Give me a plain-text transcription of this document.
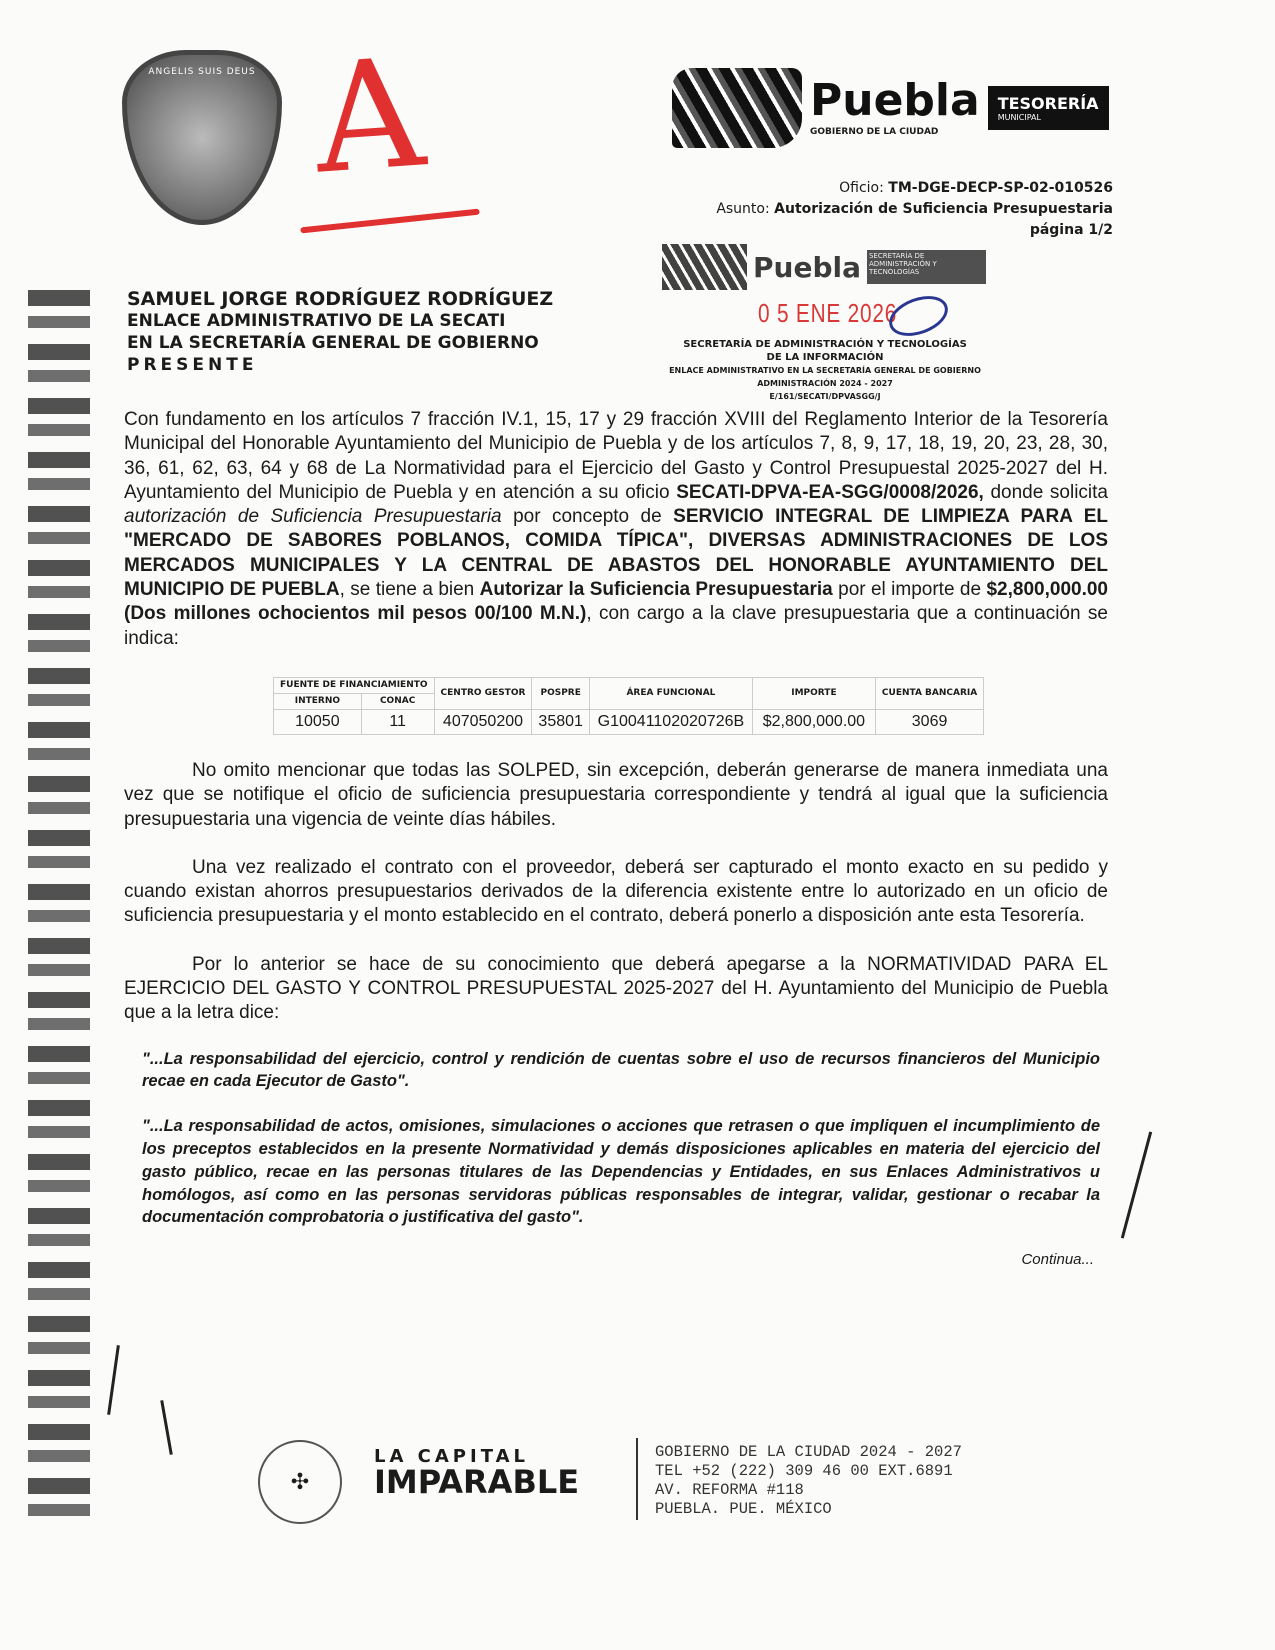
ANGELIS SUIS DEUS A	Puebla
GOBIERNO DE LA CIUDAD
TESORERÍA
MUNICIPAL
Oficio: TM-DGE-DECP-SP-02-010526
Asunto: Autorización de Suficiencia Presupuestaria
página 1/2
Puebla SECRETARÍA DE ADMINISTRACIÓN Y TECNOLOGÍAS
0 5 ENE 2026
SECRETARÍA DE ADMINISTRACIÓN Y TECNOLOGÍAS
DE LA INFORMACIÓN
ENLACE ADMINISTRATIVO EN LA SECRETARÍA GENERAL DE GOBIERNO
ADMINISTRACIÓN 2024 - 2027
E/161/SECATI/DPVASGG/J
SAMUEL JORGE RODRÍGUEZ RODRÍGUEZ
ENLACE ADMINISTRATIVO DE LA SECATI
EN LA SECRETARÍA GENERAL DE GOBIERNO
PRESENTE

Con fundamento en los artículos 7 fracción IV.1, 15, 17 y 29 fracción XVIII del Reglamento Interior de la Tesorería Municipal del Honorable Ayuntamiento del Municipio de Puebla y de los artículos 7, 8, 9, 17, 18, 19, 20, 23, 28, 30, 36, 61, 62, 63, 64 y 68 de La Normatividad para el Ejercicio del Gasto y Control Presupuestal 2025-2027 del H. Ayuntamiento del Municipio de Puebla y en atención a su oficio SECATI-DPVA-EA-SGG/0008/2026, donde solicita autorización de Suficiencia Presupuestaria por concepto de SERVICIO INTEGRAL DE LIMPIEZA PARA EL "MERCADO DE SABORES POBLANOS, COMIDA TÍPICA", DIVERSAS ADMINISTRACIONES DE LOS MERCADOS MUNICIPALES Y LA CENTRAL DE ABASTOS DEL HONORABLE AYUNTAMIENTO DEL MUNICIPIO DE PUEBLA, se tiene a bien Autorizar la Suficiencia Presupuestaria por el importe de $2,800,000.00 (Dos millones ochocientos mil pesos 00/100 M.N.), con cargo a la clave presupuestaria que a continuación se indica:

FUENTE DE FINANCIAMIENTO		CENTRO GESTOR	POSPRE	ÁREA FUNCIONAL	IMPORTE	CUENTA BANCARIA
INTERNO	CONAC					
10050	11	407050200	35801	G10041102020726B	$2,800,000.00	3069

No omito mencionar que todas las SOLPED, sin excepción, deberán generarse de manera inmediata una vez que se notifique el oficio de suficiencia presupuestaria correspondiente y tendrá al igual que la suficiencia presupuestaria una vigencia de veinte días hábiles.

Una vez realizado el contrato con el proveedor, deberá ser capturado el monto exacto en su pedido y cuando existan ahorros presupuestarios derivados de la diferencia existente entre lo autorizado en un oficio de suficiencia presupuestaria y el monto establecido en el contrato, deberá ponerlo a disposición ante esta Tesorería.

Por lo anterior se hace de su conocimiento que deberá apegarse a la NORMATIVIDAD PARA EL EJERCICIO DEL GASTO Y CONTROL PRESUPUESTAL 2025-2027 del H. Ayuntamiento del Municipio de Puebla que a la letra dice:

"...La responsabilidad del ejercicio, control y rendición de cuentas sobre el uso de recursos financieros del Municipio recae en cada Ejecutor de Gasto".

"...La responsabilidad de actos, omisiones, simulaciones o acciones que retrasen o que impliquen el incumplimiento de los preceptos establecidos en la presente Normatividad y demás disposiciones aplicables en materia del ejercicio del gasto público, recae en las personas titulares de las Dependencias y Entidades, en sus Enlaces Administrativos u homólogos, así como en las personas servidoras públicas responsables de integrar, validar, gestionar o recabar la documentación comprobatoria o justificativa del gasto".

Continua...
✣
LA CAPITAL
IMPARABLE
GOBIERNO DE LA CIUDAD 2024 - 2027
TEL +52 (222) 309 46 00 EXT.6891
AV. REFORMA #118
PUEBLA. PUE. MÉXICO
